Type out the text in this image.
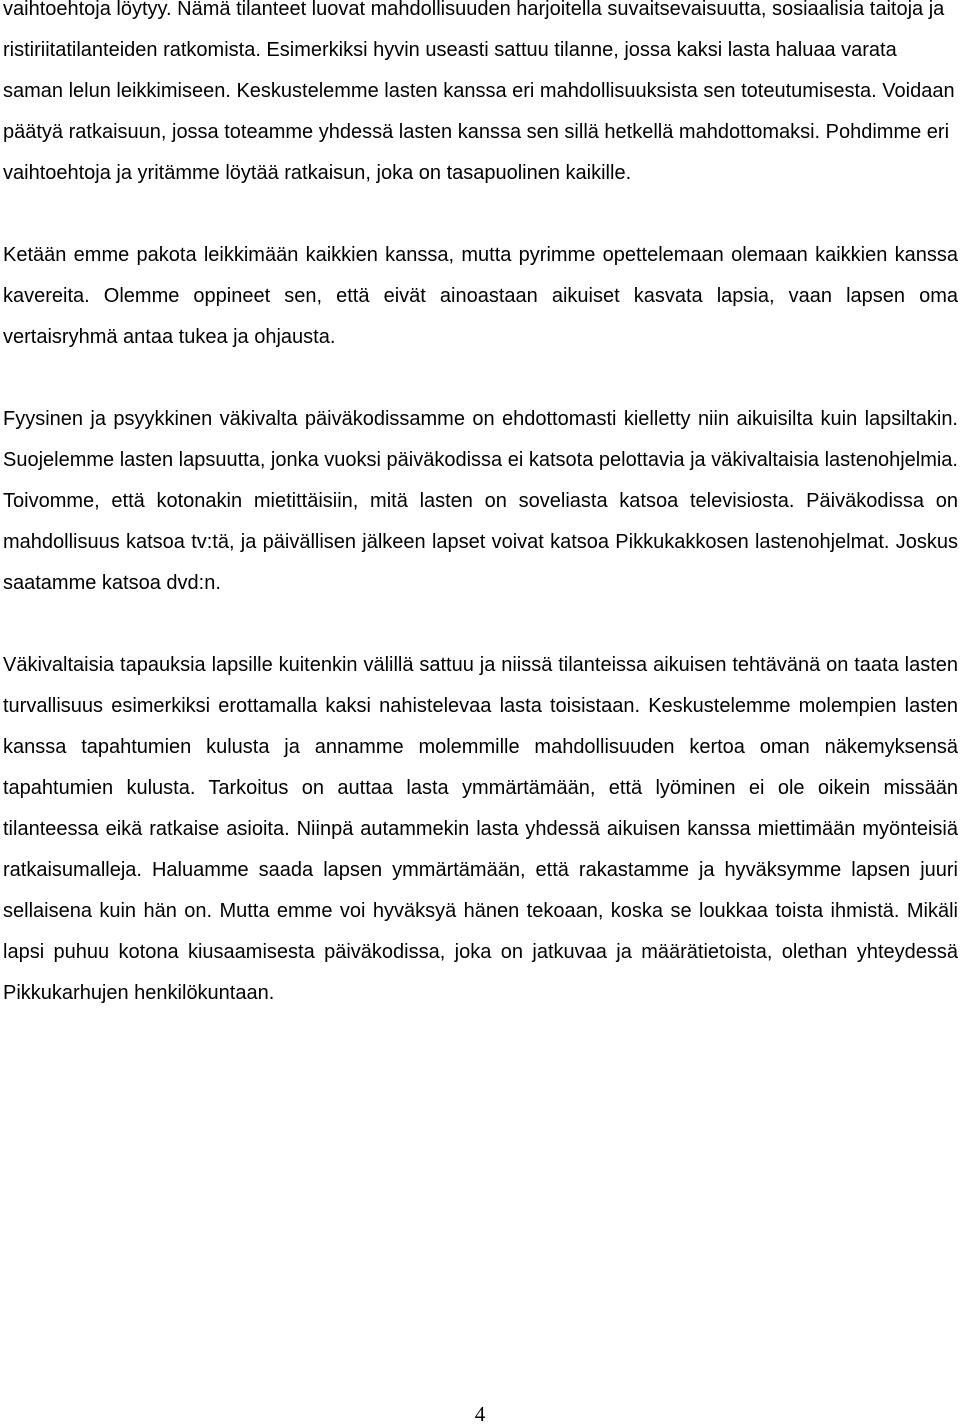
vaihtoehtoja löytyy. Nämä tilanteet luovat mahdollisuuden harjoitella suvaitsevaisuutta, sosiaalisia taitoja ja ristiriitatilanteiden ratkomista. Esimerkiksi hyvin useasti sattuu tilanne, jossa kaksi lasta haluaa varata saman lelun leikkimiseen. Keskustelemme lasten kanssa eri mahdollisuuksista sen toteutumisesta. Voidaan päätyä ratkaisuun, jossa toteamme yhdessä lasten kanssa sen sillä hetkellä mahdottomaksi. Pohdimme eri vaihtoehtoja ja yritämme löytää ratkaisun, joka on tasapuolinen kaikille.

Ketään emme pakota leikkimään kaikkien kanssa, mutta pyrimme opettelemaan olemaan kaikkien kanssa kavereita. Olemme oppineet sen, että eivät ainoastaan aikuiset kasvata lapsia, vaan lapsen oma vertaisryhmä antaa tukea ja ohjausta.

Fyysinen ja psyykkinen väkivalta päiväkodissamme on ehdottomasti kielletty niin aikuisilta kuin lapsiltakin. Suojelemme lasten lapsuutta, jonka vuoksi päiväkodissa ei katsota pelottavia ja väkivaltaisia lastenohjelmia. Toivomme, että kotonakin mietittäisiin, mitä lasten on soveliasta katsoa televisiosta. Päiväkodissa on mahdollisuus katsoa tv:tä, ja päivällisen jälkeen lapset voivat katsoa Pikkukakkosen lastenohjelmat. Joskus saatamme katsoa dvd:n.

Väkivaltaisia tapauksia lapsille kuitenkin välillä sattuu ja niissä tilanteissa aikuisen tehtävänä on taata lasten turvallisuus esimerkiksi erottamalla kaksi nahistelevaa lasta toisistaan. Keskustelemme molempien lasten kanssa tapahtumien kulusta ja annamme molemmille mahdollisuuden kertoa oman näkemyksensä tapahtumien kulusta. Tarkoitus on auttaa lasta ymmärtämään, että lyöminen ei ole oikein missään tilanteessa eikä ratkaise asioita. Niinpä autammekin lasta yhdessä aikuisen kanssa miettimään myönteisiä ratkaisumalleja. Haluamme saada lapsen ymmärtämään, että rakastamme ja hyväksymme lapsen juuri sellaisena kuin hän on. Mutta emme voi hyväksyä hänen tekoaan, koska se loukkaa toista ihmistä. Mikäli lapsi puhuu kotona kiusaamisesta päiväkodissa, joka on jatkuvaa ja määrätietoista, olethan yhteydessä Pikkukarhujen henkilökuntaan.

4
